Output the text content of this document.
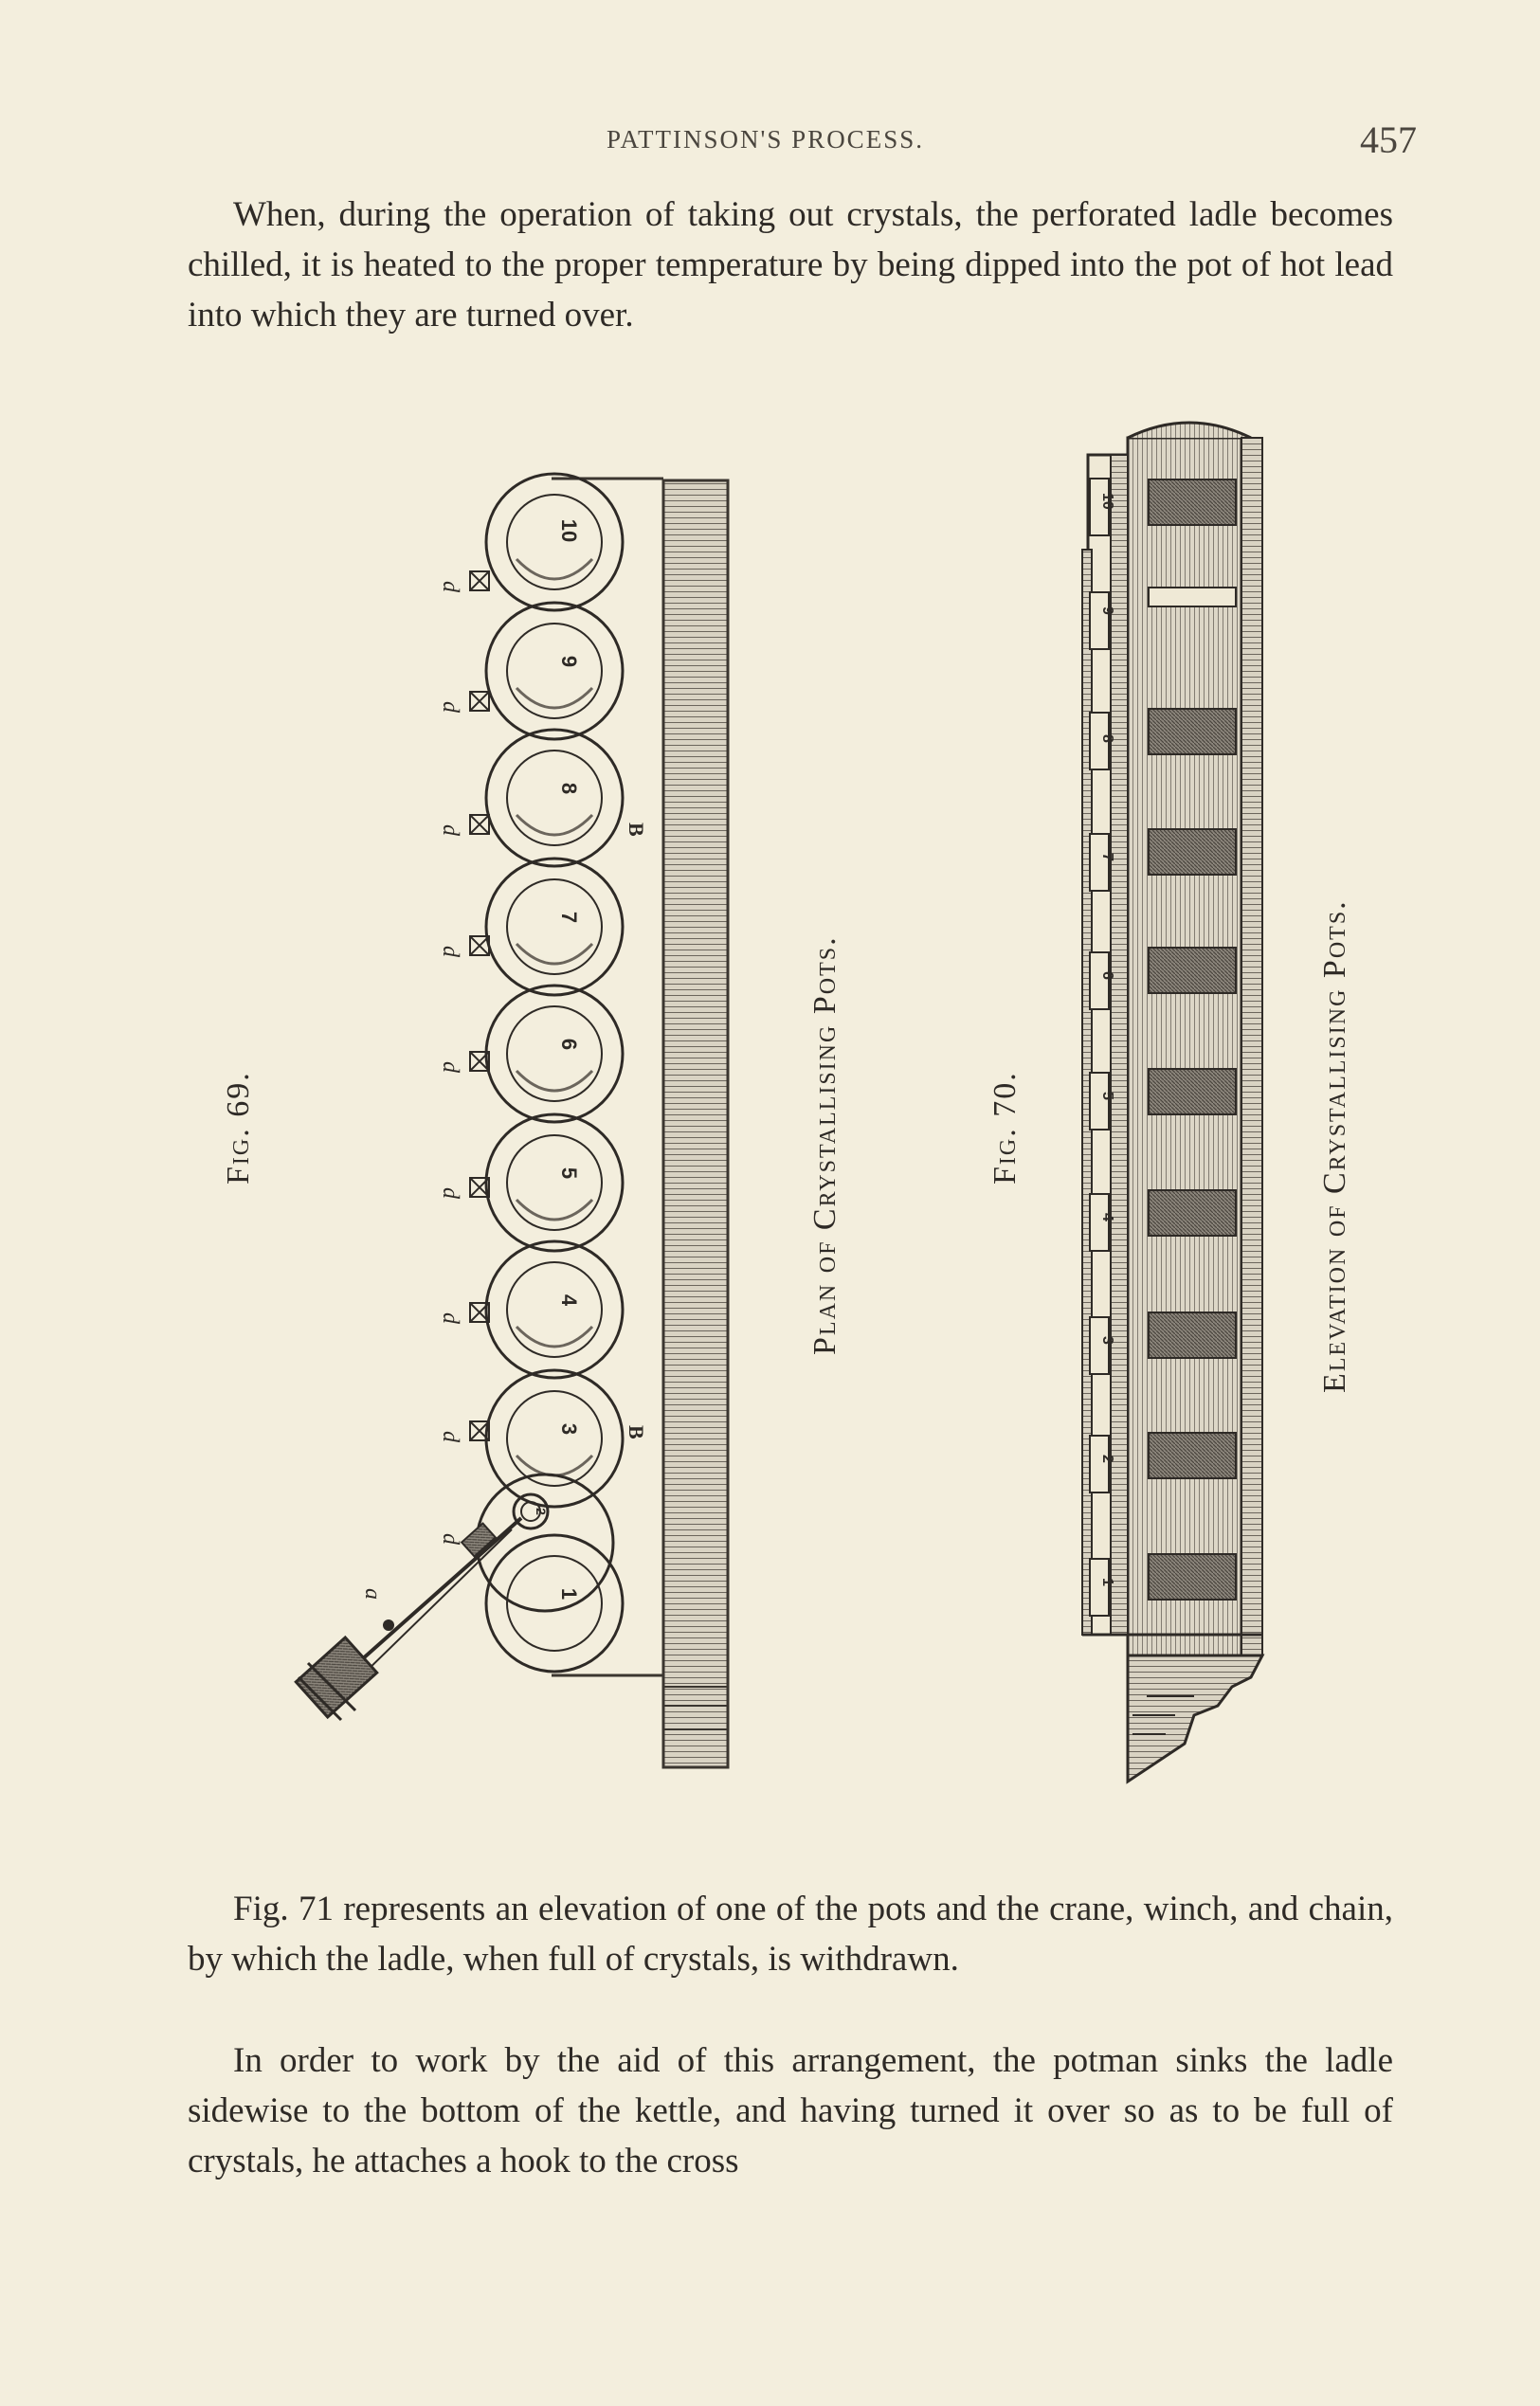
PATTINSON'S PROCESS.	457

When, during the operation of taking out crystals, the perforated ladle becomes chilled, it is heated to the proper temperature by being dipped into the pot of hot lead into which they are turned over.

10
9
8
7
6
5
4
3
2
1
d
d
d
d
d
d
d
d
B
B
a
d
10
9
8
7
6
5
4
3
2
1
Fig. 69.	Plan of Crystallising Pots.	Fig. 70.	Elevation of Crystallising Pots.

Fig. 71 represents an elevation of one of the pots and the crane, winch, and chain, by which the ladle, when full of crystals, is withdrawn.

In order to work by the aid of this arrangement, the potman sinks the ladle sidewise to the bottom of the kettle, and having turned it over so as to be full of crystals, he attaches a hook to the cross
